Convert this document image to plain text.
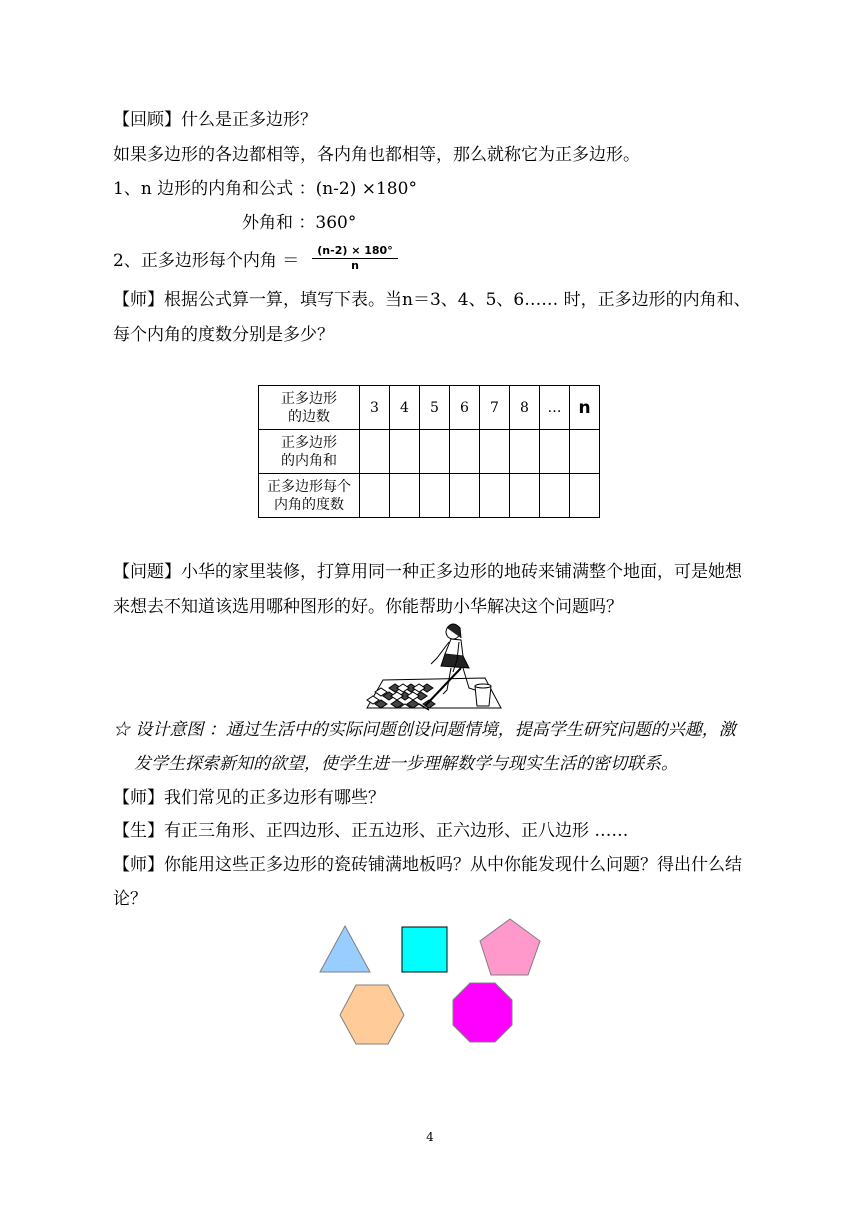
【回顾】什么是正多边形？
如果多边形的各边都相等，各内角也都相等，那么就称它为正多边形。
1、n 边形的内角和公式 ：(n-2) ×180°
外角和 ：360°
2、正多边形每个内角 ＝
(n-2) × 180°
n
【师】根据公式算一算，填写下表。当n＝3、4、5、6…… 时，正多边形的内角和、
每个内角的度数分别是多少？
正多边形
的边数	3	4	5	6	7	8	…	n

正多边形
的内角和								

正多边形每个
内角的度数								

【问题】小华的家里装修，打算用同一种正多边形的地砖来铺满整个地面，可是她想
来想去不知道该选用哪种图形的好。你能帮助小华解决这个问题吗？
☆ 设计意图 ：通过生活中的实际问题创设问题情境，提高学生研究问题的兴趣，激
发学生探索新知的欲望，使学生进一步理解数学与现实生活的密切联系。
【师】我们常见的正多边形有哪些？
【生】有正三角形、正四边形、正五边形、正六边形、正八边形 ……
【师】你能用这些正多边形的瓷砖铺满地板吗？从中你能发现什么问题？得出什么结
论？
4
